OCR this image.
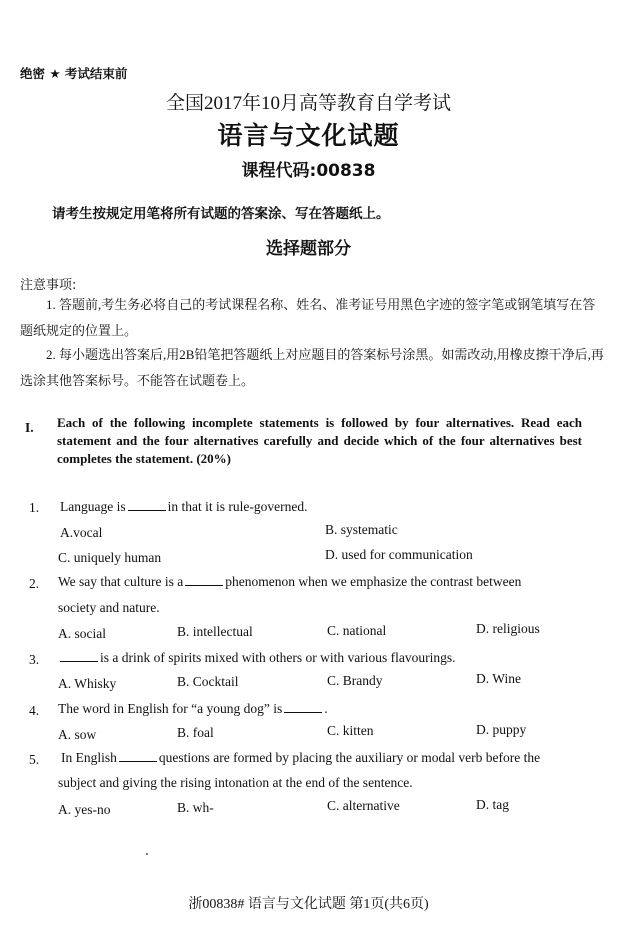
绝密 ★ 考试结束前
全国2017年10月高等教育自学考试
语言与文化试题
课程代码:00838
请考生按规定用笔将所有试题的答案涂、写在答题纸上。
选择题部分
注意事项:
1. 答题前,考生务必将自己的考试课程名称、姓名、准考证号用黑色字迹的签字笔或钢笔填写在答题纸规定的位置上。
2. 每小题选出答案后,用2B铅笔把答题纸上对应题目的答案标号涂黑。如需改动,用橡皮擦干净后,再选涂其他答案标号。不能答在试题卷上。
I. Each of the following incomplete statements is followed by four alternatives. Read each statement and the four alternatives carefully and decide which of the four alternatives best completes the statement. (20%)
1. Language is	in that it is rule-governed.
A.vocal	B. systematic
C. uniquely human	D. used for communication
2. We say that culture is a	phenomenon when we emphasize the contrast between
society and nature.
A. social	B. intellectual	C. national	D. religious
3.	is a drink of spirits mixed with others or with various flavourings.
A. Whisky	B. Cocktail	C. Brandy	D. Wine
4. The word in English for “a young dog” is	.
A. sow	B. foal	C. kitten	D. puppy
5. In English	questions are formed by placing the auxiliary or modal verb before the
subject and giving the rising intonation at the end of the sentence.
A. yes-no	B. wh-	C. alternative	D. tag
浙00838# 语言与文化试题 第1页(共6页)
